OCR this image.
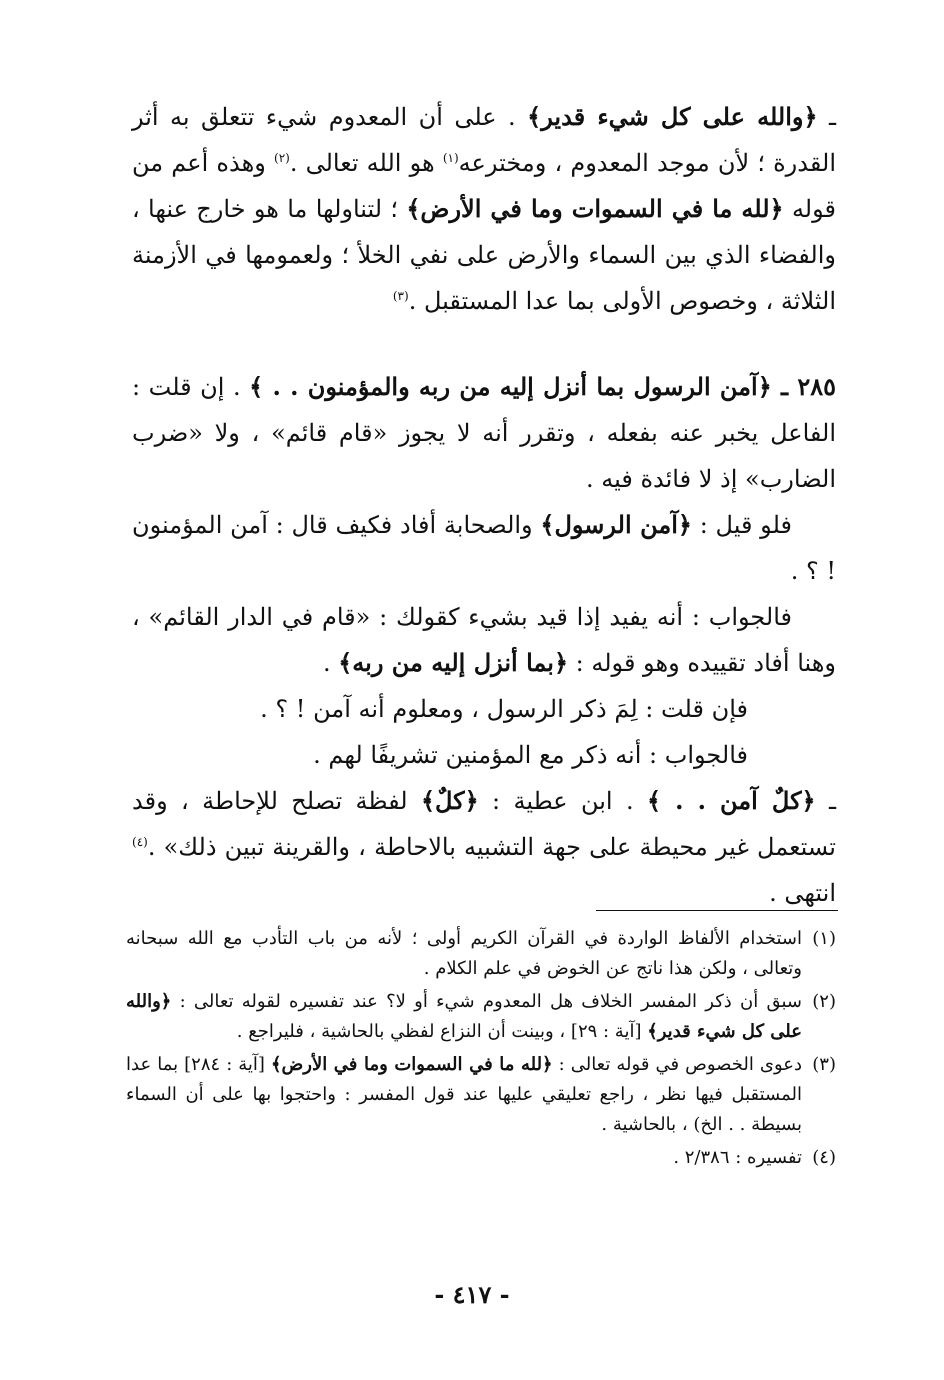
ـ ﴿والله على كل شيء قدير﴾ . على أن المعدوم شيء تتعلق به أثر القدرة ؛ لأن موجد المعدوم ، ومخترعه$^{(١)}$ هو الله تعالى .$^{(٢)}$ وهذه أعم من قوله ﴿لله ما في السموات وما في الأرض﴾ ؛ لتناولها ما هو خارج عنها ، والفضاء الذي بين السماء والأرض على نفي الخلأ ؛ ولعمومها في الأزمنة الثلاثة ، وخصوص الأولى بما عدا المستقبل .$^{(٣)}$

٢٨٥ ـ ﴿آمن الرسول بما أنزل إليه من ربه والمؤمنون . . ﴾ . إن قلت : الفاعل يخبر عنه بفعله ، وتقرر أنه لا يجوز «قام قائم» ، ولا «ضرب الضارب» إذ لا فائدة فيه .

فلو قيل : ﴿آمن الرسول﴾ والصحابة أفاد فكيف قال : آمن المؤمنون ! ؟ .

فالجواب : أنه يفيد إذا قيد بشيء كقولك : «قام في الدار القائم» ، وهنا أفاد تقييده وهو قوله : ﴿بما أنزل إليه من ربه﴾ .

فإن قلت : لِمَ ذكر الرسول ، ومعلوم أنه آمن ! ؟ .

فالجواب : أنه ذكر مع المؤمنين تشريفًا لهم .

ـ ﴿كلٌ آمن . . ﴾ . ابن عطية : ﴿كلٌ﴾ لفظة تصلح للإحاطة ، وقد تستعمل غير محيطة على جهة التشبيه بالاحاطة ، والقرينة تبين ذلك» .$^{(٤)}$ انتهى .

(١)
استخدام الألفاظ الواردة في القرآن الكريم أولى ؛ لأنه من باب التأدب مع الله سبحانه وتعالى ، ولكن هذا ناتج عن الخوض في علم الكلام .
(٢)
سبق أن ذكر المفسر الخلاف هل المعدوم شيء أو لا؟ عند تفسيره لقوله تعالى : ﴿والله على كل شيء قدير﴾ [آية : ٢٩] ، وبينت أن النزاع لفظي بالحاشية ، فليراجع .
(٣)
دعوى الخصوص في قوله تعالى : ﴿لله ما في السموات وما في الأرض﴾ [آية : ٢٨٤] بما عدا المستقبل فيها نظر ، راجع تعليقي عليها عند قول المفسر : واحتجوا بها على أن السماء بسيطة . . الخ) ، بالحاشية .
(٤)
تفسيره : ٢/٣٨٦ .
- ٤١٧ -
